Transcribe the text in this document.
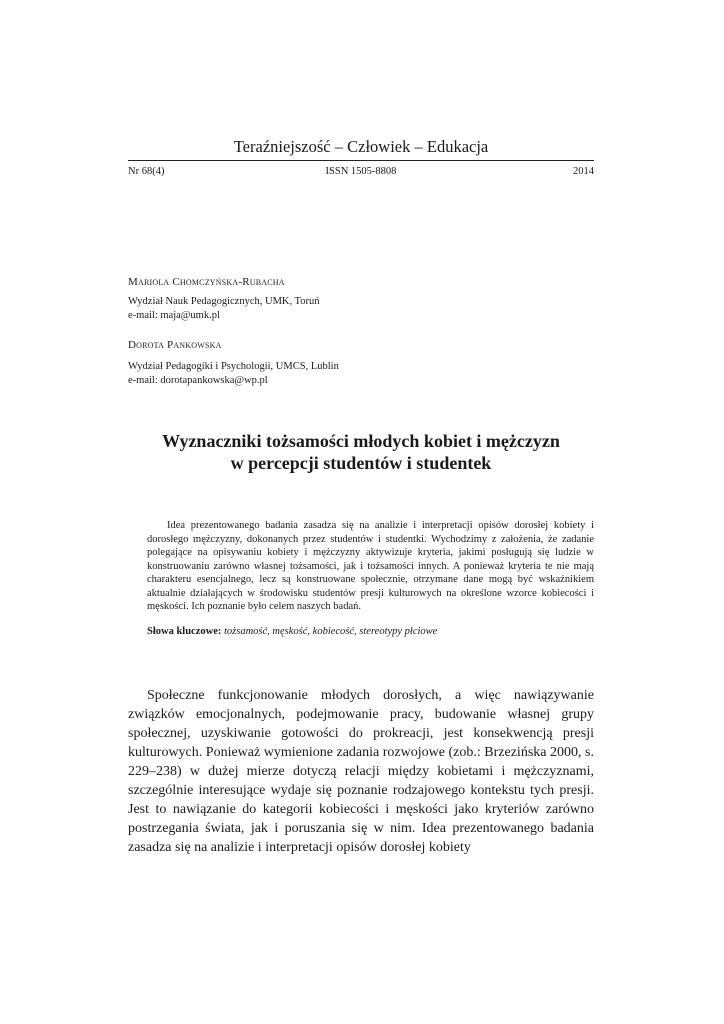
Teraźniejszość – Człowiek – Edukacja
Nr 68(4)	ISSN 1505-8808	2014
Mariola Chomczyńska-Rubacha
Wydział Nauk Pedagogicznych, UMK, Toruń
e-mail: maja@umk.pl
Dorota Pankowska
Wydział Pedagogiki i Psychologii, UMCS, Lublin
e-mail: dorotapankowska@wp.pl
Wyznaczniki tożsamości młodych kobiet i mężczyzn
w percepcji studentów i studentek

Idea prezentowanego badania zasadza się na analizie i interpretacji opisów dorosłej kobiety i dorosłego mężczyzny, dokonanych przez studentów i studentki. Wychodzimy z założenia, że zadanie polegające na opisywaniu kobiety i mężczyzny aktywizuje kryteria, jakimi posługują się ludzie w konstruowaniu zarówno własnej tożsamości, jak i tożsamości innych. A ponieważ kryteria te nie mają charakteru esencjalnego, lecz są konstruowane społecznie, otrzymane dane mogą być wskaźnikiem aktualnie działających w środowisku studentów presji kulturowych na określone wzorce kobiecości i męskości. Ich poznanie było celem naszych badań.

Słowa kluczowe: tożsamość, męskość, kobiecość, stereotypy płciowe

Społeczne funkcjonowanie młodych dorosłych, a więc nawiązywanie związków emocjonalnych, podejmowanie pracy, budowanie własnej grupy społecznej, uzyskiwanie gotowości do prokreacji, jest konsekwencją presji kulturowych. Ponieważ wymienione zadania rozwojowe (zob.: Brzezińska 2000, s. 229–238) w dużej mierze dotyczą relacji między kobietami i mężczyznami, szczególnie interesujące wydaje się poznanie rodzajowego kontekstu tych presji. Jest to nawiązanie do kategorii kobiecości i męskości jako kryteriów zarówno postrzegania świata, jak i poruszania się w nim. Idea prezentowanego badania zasadza się na analizie i interpretacji opisów dorosłej kobiety
